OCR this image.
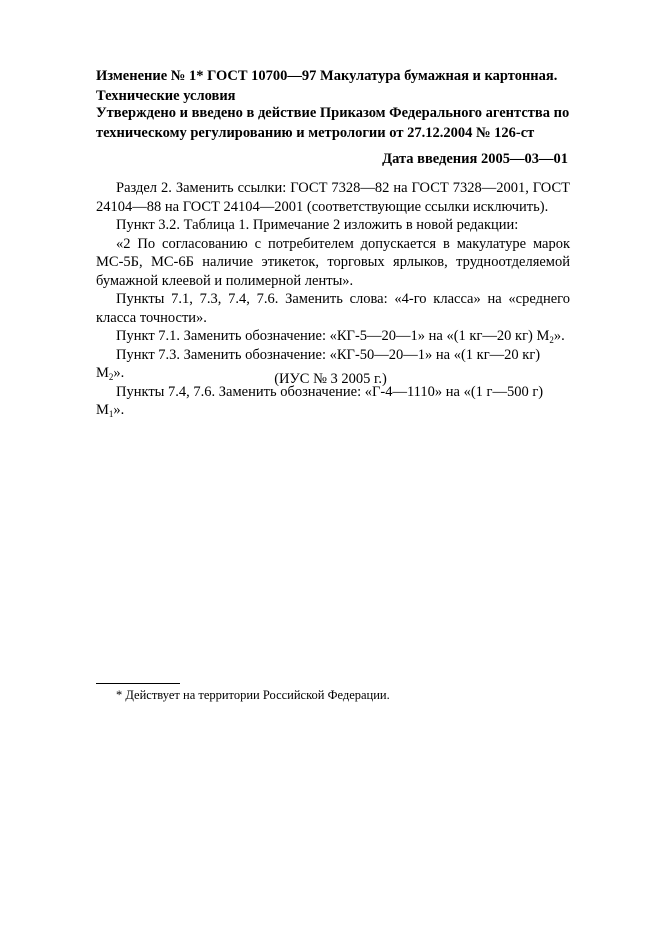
Изменение № 1* ГОСТ 10700—97 Макулатура бумажная и картонная.
Технические условия
Утверждено и введено в действие Приказом Федерального агентства по
техническому регулированию и метрологии от 27.12.2004 № 126-ст
Дата введения 2005—03—01

Раздел 2. Заменить ссылки: ГОСТ 7328—82 на ГОСТ 7328—2001, ГОСТ 24104—88 на ГОСТ 24104—2001 (соответствующие ссылки исключить).

Пункт 3.2. Таблица 1. Примечание 2 изложить в новой редакции:

«2 По согласованию с потребителем допускается в макулатуре марок МС-5Б, МС-6Б наличие этикеток, торговых ярлыков, трудноотделяемой бумажной клеевой и полимерной ленты».

Пункты 7.1, 7.3, 7.4, 7.6. Заменить слова: «4-го класса» на «среднего класса точности».

Пункт 7.1. Заменить обозначение: «КГ-5—20—1» на «(1 кг—20 кг) $М_2$».

Пункт 7.3. Заменить обозначение: «КГ-50—20—1» на «(1 кг—20 кг) $М_2$».

Пункты 7.4, 7.6. Заменить обозначение: «Г-4—1110» на «(1 г—500 г) $М_1$».

(ИУС № 3 2005 г.)
* Действует на территории Российской Федерации.
